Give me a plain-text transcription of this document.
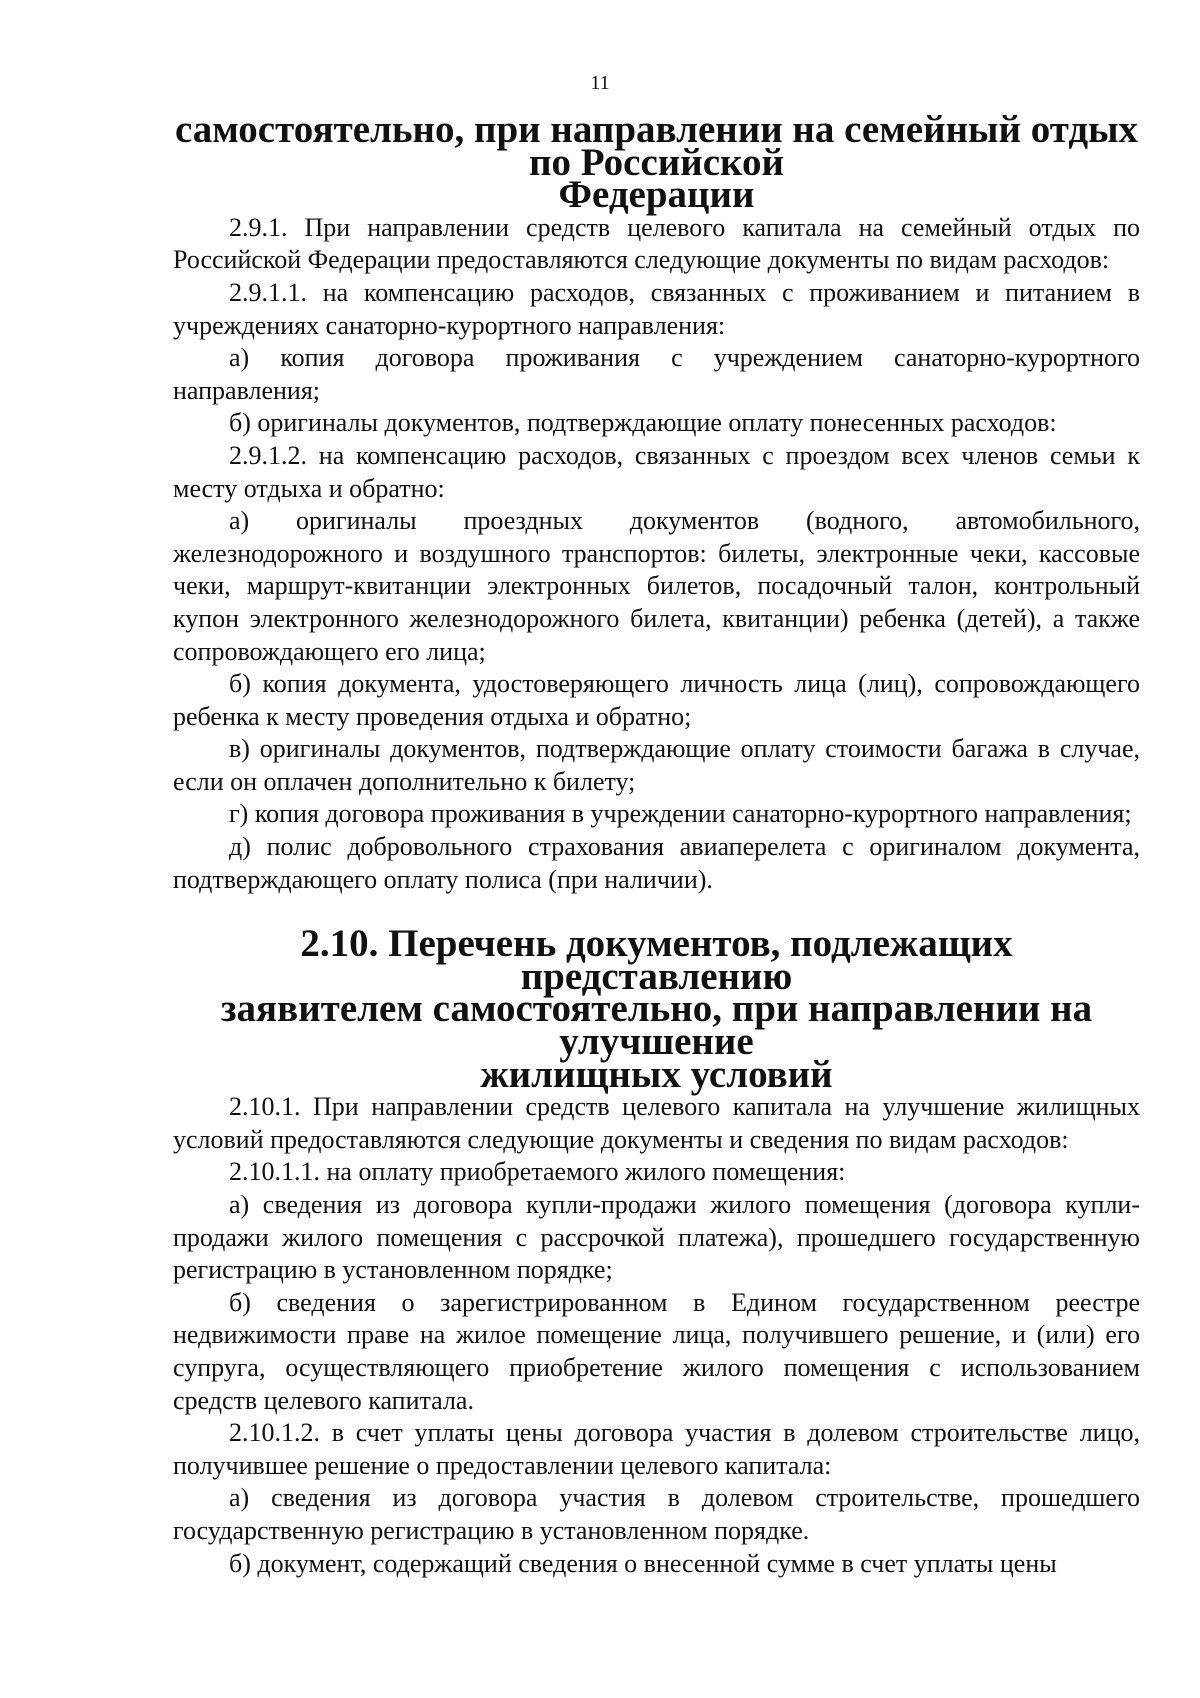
11
самостоятельно, при направлении на семейный отдых по Российской
Федерации

2.9.1. При направлении средств целевого капитала на семейный отдых по Российской Федерации предоставляются следующие документы по видам расходов:

2.9.1.1. на компенсацию расходов, связанных с проживанием и питанием в учреждениях санаторно-курортного направления:

а) копия договора проживания с учреждением санаторно-курортного направления;

б) оригиналы документов, подтверждающие оплату понесенных расходов:

2.9.1.2. на компенсацию расходов, связанных с проездом всех членов семьи к месту отдыха и обратно:

а) оригиналы проездных документов (водного, автомобильного, железнодорожного и воздушного транспортов: билеты, электронные чеки, кассовые чеки, маршрут-квитанции электронных билетов, посадочный талон, контрольный купон электронного железнодорожного билета, квитанции) ребенка (детей), а также сопровождающего его лица;

б) копия документа, удостоверяющего личность лица (лиц), сопровождающего ребенка к месту проведения отдыха и обратно;

в) оригиналы документов, подтверждающие оплату стоимости багажа в случае, если он оплачен дополнительно к билету;

г) копия договора проживания в учреждении санаторно-курортного направления;

д) полис добровольного страхования авиаперелета с оригиналом документа, подтверждающего оплату полиса (при наличии).

2.10. Перечень документов, подлежащих представлению
заявителем самостоятельно, при направлении на улучшение
жилищных условий

2.10.1. При направлении средств целевого капитала на улучшение жилищных условий предоставляются следующие документы и сведения по видам расходов:

2.10.1.1. на оплату приобретаемого жилого помещения:

а) сведения из договора купли-продажи жилого помещения (договора купли-продажи жилого помещения с рассрочкой платежа), прошедшего государственную регистрацию в установленном порядке;

б) сведения о зарегистрированном в Едином государственном реестре недвижимости праве на жилое помещение лица, получившего решение, и (или) его супруга, осуществляющего приобретение жилого помещения с использованием средств целевого капитала.

2.10.1.2. в счет уплаты цены договора участия в долевом строительстве лицо, получившее решение о предоставлении целевого капитала:

а) сведения из договора участия в долевом строительстве, прошедшего государственную регистрацию в установленном порядке.

б) документ, содержащий сведения о внесенной сумме в счет уплаты цены
